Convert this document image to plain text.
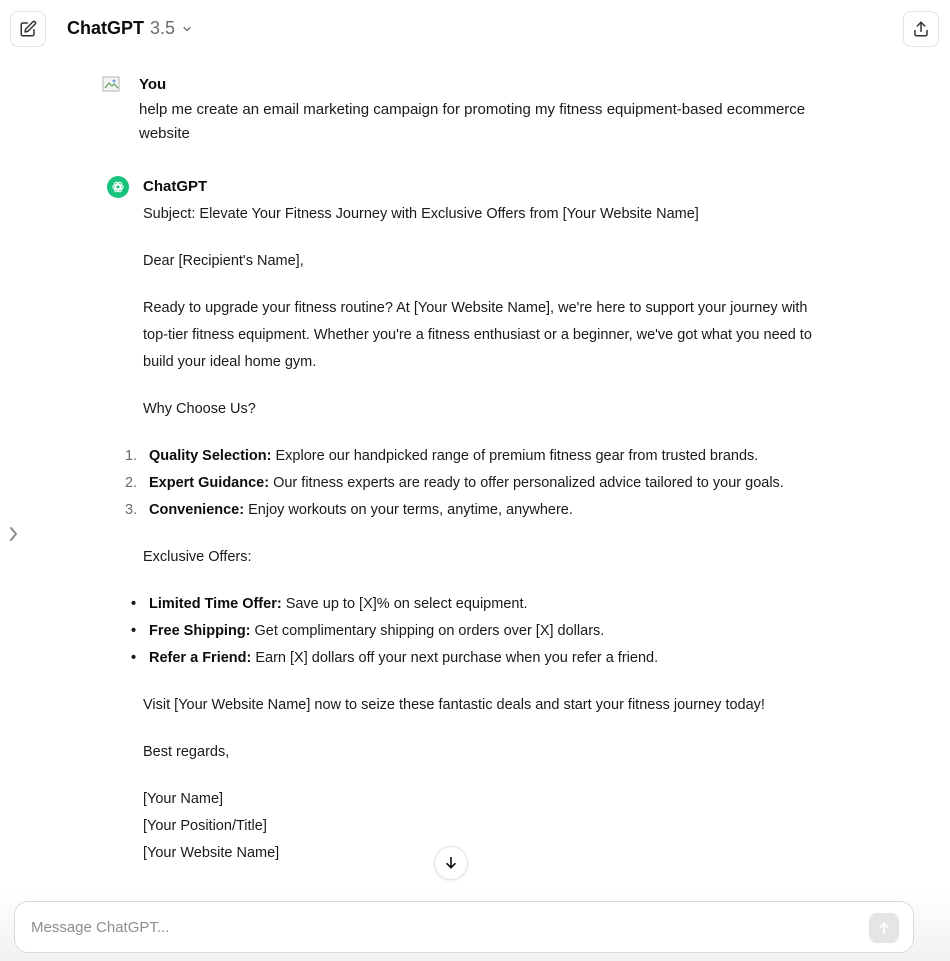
ChatGPT 3.5
You
help me create an email marketing campaign for promoting my fitness equipment-based ecommerce website
ChatGPT

Subject: Elevate Your Fitness Journey with Exclusive Offers from [Your Website Name]

Dear [Recipient's Name],

Ready to upgrade your fitness routine? At [Your Website Name], we're here to support your journey with top-tier fitness equipment. Whether you're a fitness enthusiast or a beginner, we've got what you need to build your ideal home gym.

Why Choose Us?

1. Quality Selection: Explore our handpicked range of premium fitness gear from trusted brands.
2. Expert Guidance: Our fitness experts are ready to offer personalized advice tailored to your goals.
3. Convenience: Enjoy workouts on your terms, anytime, anywhere.

Exclusive Offers:

• Limited Time Offer: Save up to [X]% on select equipment.
• Free Shipping: Get complimentary shipping on orders over [X] dollars.
• Refer a Friend: Earn [X] dollars off your next purchase when you refer a friend.

Visit [Your Website Name] now to seize these fantastic deals and start your fitness journey today!

Best regards,

[Your Name]

[Your Position/Title]

[Your Website Name]

Message ChatGPT...
